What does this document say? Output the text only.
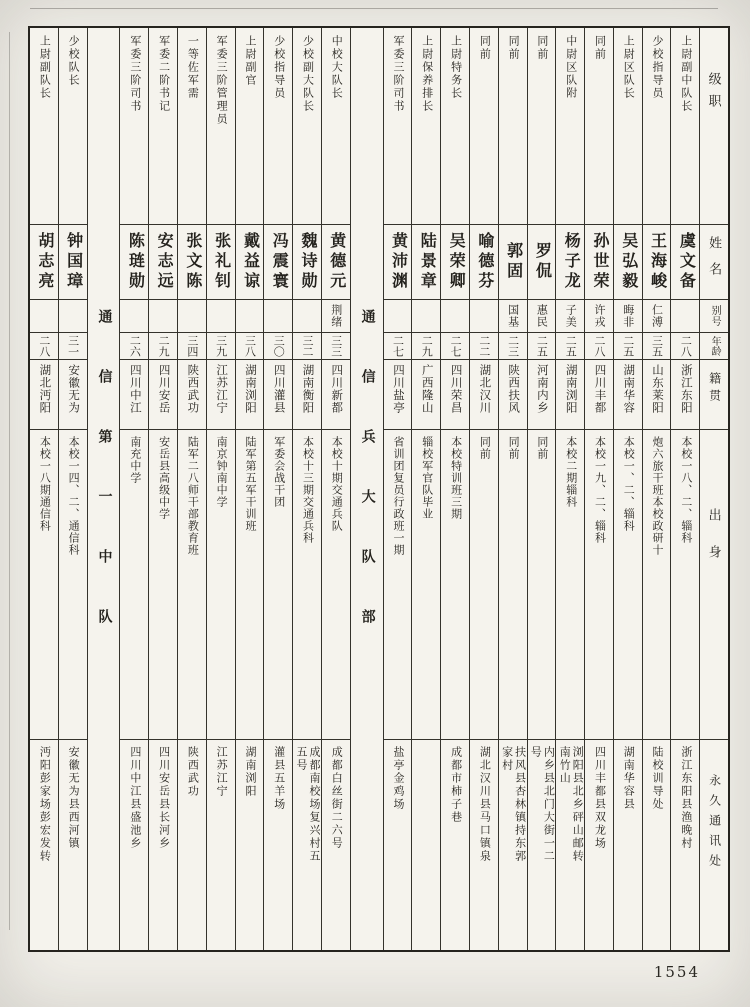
级职
姓名
别号
年龄
籍贯
出身
永久通讯处
上尉副中队长
虞文备
二八
浙江东阳
本校一八、二、辎科
浙江东阳县渔晚村
少校指导员
王海峻
仁溥
三五
山东莱阳
炮六旅干班本校政研十
陆校训导处
上尉区队长
吴弘毅
晦非
二五
湖南华容
本校一、二、辎科
湖南华容县
同前
孙世荣
许戎
二八
四川丰都
本校一九、二、辎科
四川丰都县双龙场
中尉区队附
杨子龙
子美
二五
湖南浏阳
本校二期辎科
浏阳县北乡砰山邮转南竹山
同前
罗侃
惠民
二五
河南内乡
同前
内乡县北门大街一二号
同前
郭固
国基
二三
陕西扶风
同前
扶风县杏林镇持东郭家村
同前
喻德芬
二二
湖北汉川
同前
湖北汉川县马口镇泉
上尉特务长
吴荣卿
二七
四川荣昌
本校特训班三期
成都市柿子巷
上尉保养排长
陆景章
二九
广西隆山
辎校军官队毕业
军委三阶司书
黄沛渊
二七
四川盐亭
省训团复员行政班一期
盐亭金鸡场
通信兵大队部
中校大队长
黄德元
荆绪
三三
四川新都
本校十期交通兵队
成都白丝街二六号
少校副大队长
魏诗勋
三二
湖南衡阳
本校十三期交通兵科
成都南校场复兴村五五号
少校指导员
冯震寰
三〇
四川灌县
军委会战干团
灌县五羊场
上尉副官
戴益谅
三八
湖南浏阳
陆军第五军干训班
湖南浏阳
军委三阶管理员
张礼钊
三九
江苏江宁
南京钟南中学
江苏江宁
一等佐军需
张文陈
三四
陕西武功
陆军二八师干部教育班
陕西武功
军委二阶书记
安志远
二九
四川安岳
安岳县高级中学
四川安岳县长河乡
军委三阶司书
陈琏勋
二六
四川中江
南充中学
四川中江县盛池乡
通信第一中队
少校队长
钟国璋
三一
安徽无为
本校一四、二、通信科
安徽无为县西河镇
上尉副队长
胡志亮
二八
湖北沔阳
本校一八期通信科
沔阳彭家场彭宏发转
1554
